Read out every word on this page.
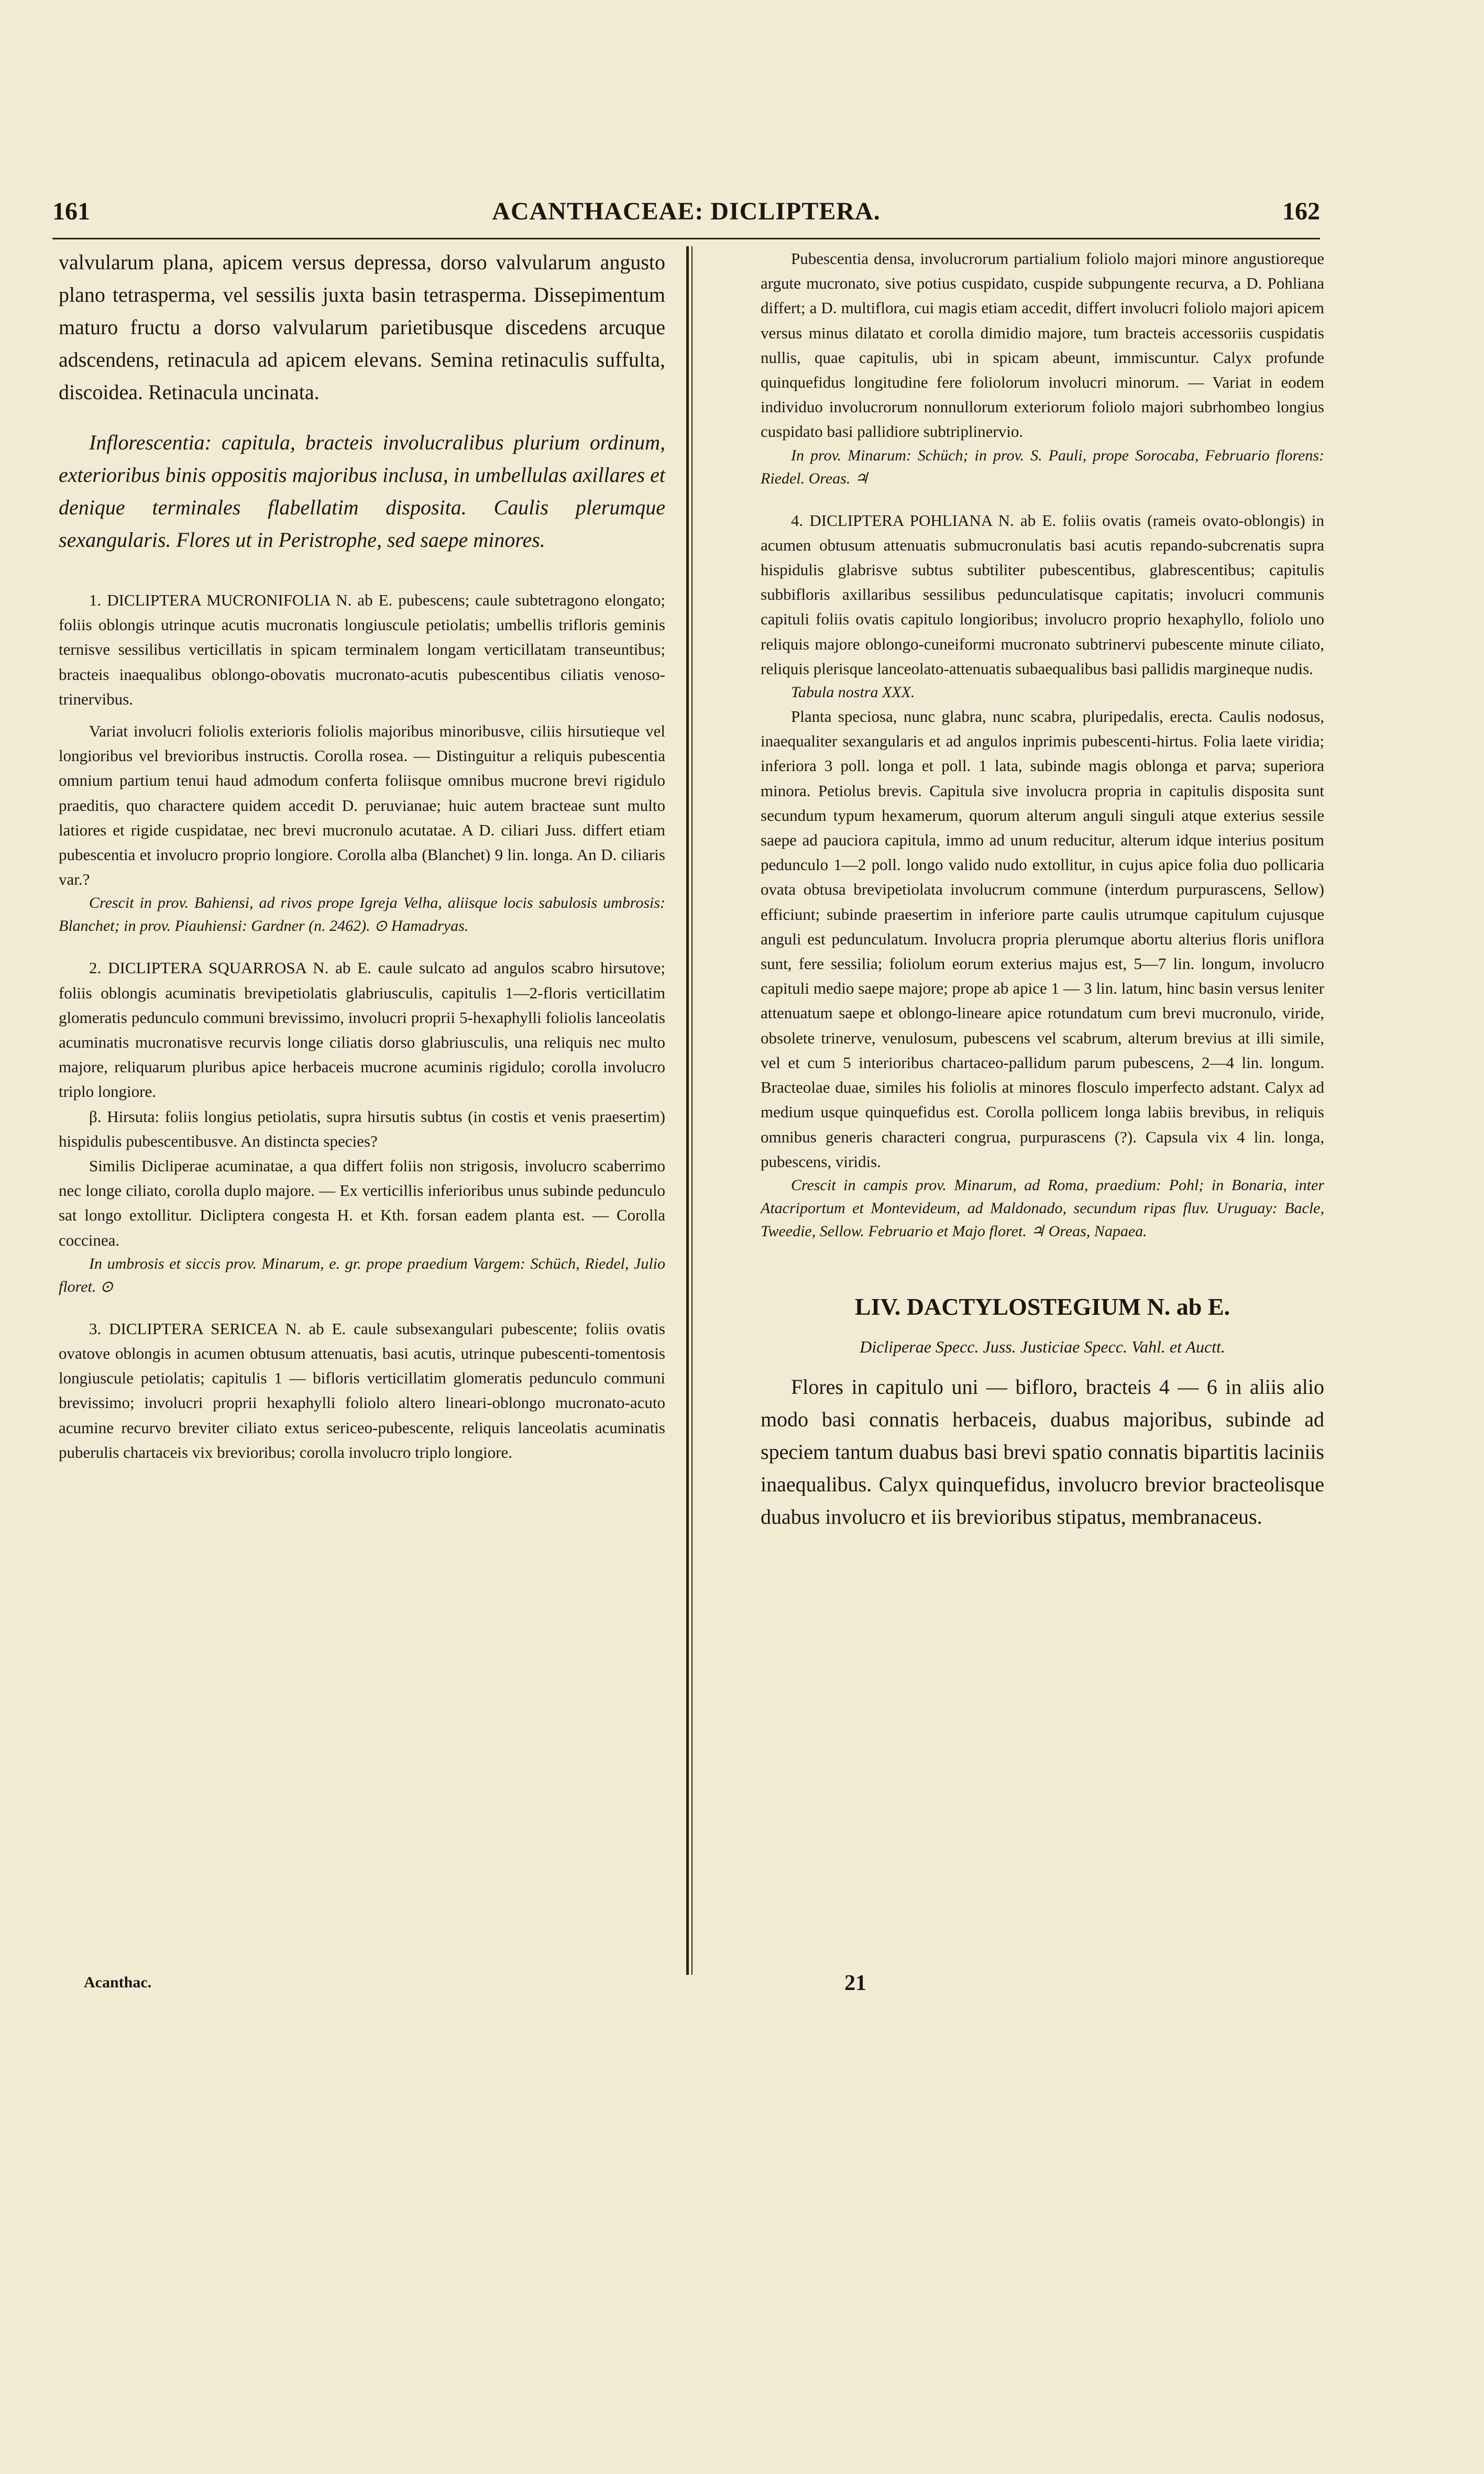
161	ACANTHACEAE: DICLIPTERA.	162

valvularum plana, apicem versus depressa, dorso valvularum angusto plano tetrasperma, vel sessilis juxta basin tetrasperma. Dissepimentum maturo fructu a dorso valvularum parietibusque discedens arcuque adscendens, retinacula ad apicem elevans. Semina retinaculis suffulta, discoidea. Retinacula uncinata.

Inflorescentia: capitula, bracteis involucralibus plurium ordinum, exterioribus binis oppositis majoribus inclusa, in umbellulas axillares et denique terminales flabellatim disposita. Caulis plerumque sexangularis. Flores ut in Peristrophe, sed saepe minores.

1. DICLIPTERA MUCRONIFOLIA N. ab E. pubescens; caule subtetragono elongato; foliis oblongis utrinque acutis mucronatis longiuscule petiolatis; umbellis trifloris geminis ternisve sessilibus verticillatis in spicam terminalem longam verticillatam transeuntibus; bracteis inaequalibus oblongo-obovatis mucronato-acutis pubescentibus ciliatis venoso-trinervibus.

Variat involucri foliolis exterioris foliolis majoribus minoribusve, ciliis hirsutieque vel longioribus vel brevioribus instructis. Corolla rosea. — Distinguitur a reliquis pubescentia omnium partium tenui haud admodum conferta foliisque omnibus mucrone brevi rigidulo praeditis, quo charactere quidem accedit D. peruvianae; huic autem bracteae sunt multo latiores et rigide cuspidatae, nec brevi mucronulo acutatae. A D. ciliari Juss. differt etiam pubescentia et involucro proprio longiore. Corolla alba (Blanchet) 9 lin. longa. An D. ciliaris var.?

Crescit in prov. Bahiensi, ad rivos prope Igreja Velha, aliisque locis sabulosis umbrosis: Blanchet; in prov. Piauhiensi: Gardner (n. 2462). ⊙ Hamadryas.

2. DICLIPTERA SQUARROSA N. ab E. caule sulcato ad angulos scabro hirsutove; foliis oblongis acuminatis brevipetiolatis glabriusculis, capitulis 1—2-floris verticillatim glomeratis pedunculo communi brevissimo, involucri proprii 5-hexaphylli foliolis lanceolatis acuminatis mucronatisve recurvis longe ciliatis dorso glabriusculis, una reliquis nec multo majore, reliquarum pluribus apice herbaceis mucrone acuminis rigidulo; corolla involucro triplo longiore.

β. Hirsuta: foliis longius petiolatis, supra hirsutis subtus (in costis et venis praesertim) hispidulis pubescentibusve. An distincta species?

Similis Dicliperae acuminatae, a qua differt foliis non strigosis, involucro scaberrimo nec longe ciliato, corolla duplo majore. — Ex verticillis inferioribus unus subinde pedunculo sat longo extollitur. Dicliptera congesta H. et Kth. forsan eadem planta est. — Corolla coccinea.

In umbrosis et siccis prov. Minarum, e. gr. prope praedium Vargem: Schüch, Riedel, Julio floret. ⊙

3. DICLIPTERA SERICEA N. ab E. caule subsexangulari pubescente; foliis ovatis ovatove oblongis in acumen obtusum attenuatis, basi acutis, utrinque pubescenti-tomentosis longiuscule petiolatis; capitulis 1 — bifloris verticillatim glomeratis pedunculo communi brevissimo; involucri proprii hexaphylli foliolo altero lineari-oblongo mucronato-acuto acumine recurvo breviter ciliato extus sericeo-pubescente, reliquis lanceolatis acuminatis puberulis chartaceis vix brevioribus; corolla involucro triplo longiore.

Acanthac.

Pubescentia densa, involucrorum partialium foliolo majori minore angustioreque argute mucronato, sive potius cuspidato, cuspide subpungente recurva, a D. Pohliana differt; a D. multiflora, cui magis etiam accedit, differt involucri foliolo majori apicem versus minus dilatato et corolla dimidio majore, tum bracteis accessoriis cuspidatis nullis, quae capitulis, ubi in spicam abeunt, immiscuntur. Calyx profunde quinquefidus longitudine fere foliolorum involucri minorum. — Variat in eodem individuo involucrorum nonnullorum exteriorum foliolo majori subrhombeo longius cuspidato basi pallidiore subtriplinervio.

In prov. Minarum: Schüch; in prov. S. Pauli, prope Sorocaba, Februario florens: Riedel. Oreas. ♃

4. DICLIPTERA POHLIANA N. ab E. foliis ovatis (rameis ovato-oblongis) in acumen obtusum attenuatis submucronulatis basi acutis repando-subcrenatis supra hispidulis glabrisve subtus subtiliter pubescentibus, glabrescentibus; capitulis subbifloris axillaribus sessilibus pedunculatisque capitatis; involucri communis capituli foliis ovatis capitulo longioribus; involucro proprio hexaphyllo, foliolo uno reliquis majore oblongo-cuneiformi mucronato subtrinervi pubescente minute ciliato, reliquis plerisque lanceolato-attenuatis subaequalibus basi pallidis margineque nudis.

Tabula nostra XXX.

Planta speciosa, nunc glabra, nunc scabra, pluripedalis, erecta. Caulis nodosus, inaequaliter sexangularis et ad angulos inprimis pubescenti-hirtus. Folia laete viridia; inferiora 3 poll. longa et poll. 1 lata, subinde magis oblonga et parva; superiora minora. Petiolus brevis. Capitula sive involucra propria in capitulis disposita sunt secundum typum hexamerum, quorum alterum anguli singuli atque exterius sessile saepe ad pauciora capitula, immo ad unum reducitur, alterum idque interius positum pedunculo 1—2 poll. longo valido nudo extollitur, in cujus apice folia duo pollicaria ovata obtusa brevipetiolata involucrum commune (interdum purpurascens, Sellow) efficiunt; subinde praesertim in inferiore parte caulis utrumque capitulum cujusque anguli est pedunculatum. Involucra propria plerumque abortu alterius floris uniflora sunt, fere sessilia; foliolum eorum exterius majus est, 5—7 lin. longum, involucro capituli medio saepe majore; prope ab apice 1 — 3 lin. latum, hinc basin versus leniter attenuatum saepe et oblongo-lineare apice rotundatum cum brevi mucronulo, viride, obsolete trinerve, venulosum, pubescens vel scabrum, alterum brevius at illi simile, vel et cum 5 interioribus chartaceo-pallidum parum pubescens, 2—4 lin. longum. Bracteolae duae, similes his foliolis at minores flosculo imperfecto adstant. Calyx ad medium usque quinquefidus est. Corolla pollicem longa labiis brevibus, in reliquis omnibus generis characteri congrua, purpurascens (?). Capsula vix 4 lin. longa, pubescens, viridis.

Crescit in campis prov. Minarum, ad Roma, praedium: Pohl; in Bonaria, inter Atacriportum et Montevideum, ad Maldonado, secundum ripas fluv. Uruguay: Bacle, Tweedie, Sellow. Februario et Majo floret. ♃ Oreas, Napaea.

LIV. DACTYLOSTEGIUM N. ab E.

Dicliperae Specc. Juss. Justiciae Specc. Vahl. et Auctt.

Flores in capitulo uni — bifloro, bracteis 4 — 6 in aliis alio modo basi connatis herbaceis, duabus majoribus, subinde ad speciem tantum duabus basi brevi spatio connatis bipartitis laciniis inaequalibus. Calyx quinquefidus, involucro brevior bracteolisque duabus involucro et iis brevioribus stipatus, membranaceus.

21
